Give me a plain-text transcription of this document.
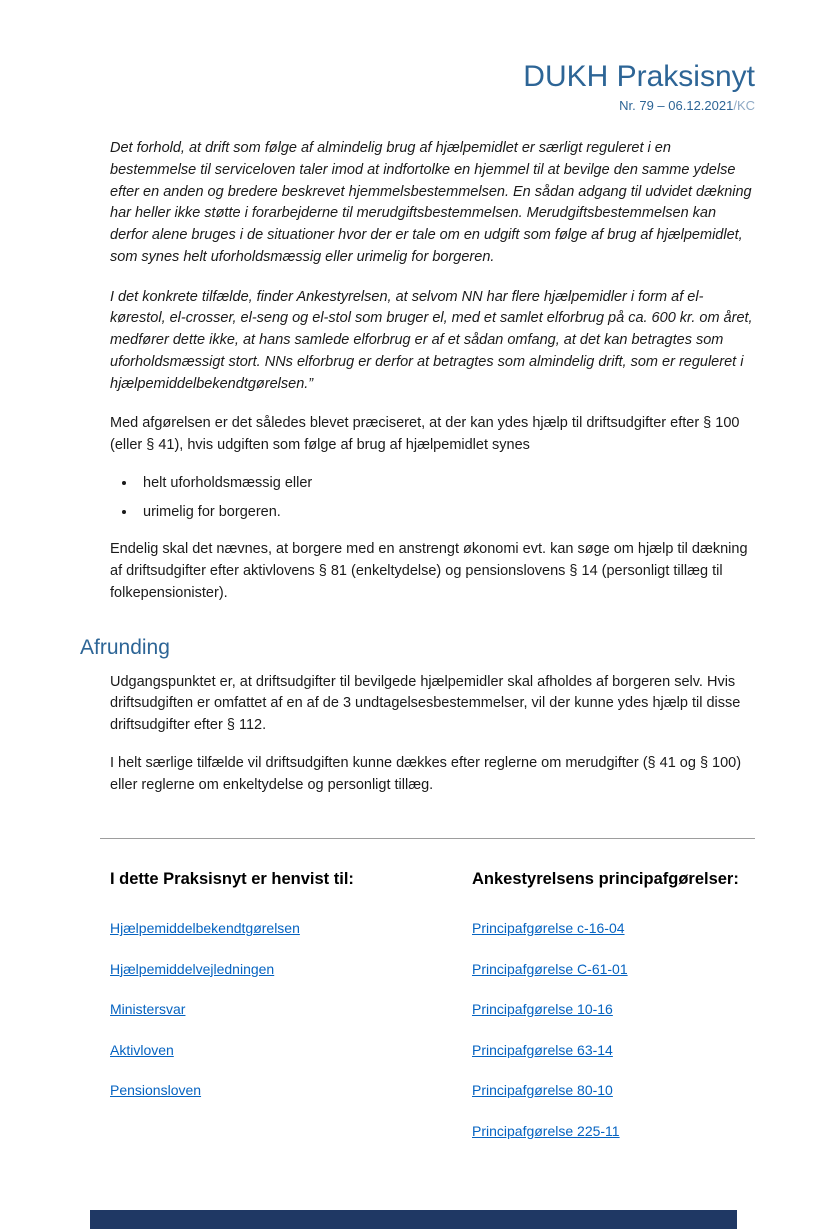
DUKH Praksisnyt
Nr. 79 – 06.12.2021/KC

Det forhold, at drift som følge af almindelig brug af hjælpemidlet er særligt reguleret i en bestemmelse til serviceloven taler imod at indfortolke en hjemmel til at bevilge den samme ydelse efter en anden og bredere beskrevet hjemmelsbestemmelsen. En sådan adgang til udvidet dækning har heller ikke støtte i forarbejderne til merudgiftsbestemmelsen. Merudgiftsbestemmelsen kan derfor alene bruges i de situationer hvor der er tale om en udgift som følge af brug af hjælpemidlet, som synes helt uforholdsmæssig eller urimelig for borgeren.

I det konkrete tilfælde, finder Ankestyrelsen, at selvom NN har flere hjælpemidler i form af el-kørestol, el-crosser, el-seng og el-stol som bruger el, med et samlet elforbrug på ca. 600 kr. om året, medfører dette ikke, at hans samlede elforbrug er af et sådan omfang, at det kan betragtes som uforholdsmæssigt stort. NNs elforbrug er derfor at betragtes som almindelig drift, som er reguleret i hjælpemiddelbekendtgørelsen.”

Med afgørelsen er det således blevet præciseret, at der kan ydes hjælp til driftsudgifter efter § 100 (eller § 41), hvis udgiften som følge af brug af hjælpemidlet synes

• helt uforholdsmæssig eller
• urimelig for borgeren.

Endelig skal det nævnes, at borgere med en anstrengt økonomi evt. kan søge om hjælp til dækning af driftsudgifter efter aktivlovens § 81 (enkeltydelse) og pensionslovens § 14 (personligt tillæg til folkepensionister).

Afrunding

Udgangspunktet er, at driftsudgifter til bevilgede hjælpemidler skal afholdes af borgeren selv. Hvis driftsudgiften er omfattet af en af de 3 undtagelsesbestemmelser, vil der kunne ydes hjælp til disse driftsudgifter efter § 112.

I helt særlige tilfælde vil driftsudgiften kunne dækkes efter reglerne om merudgifter (§ 41 og § 100) eller reglerne om enkeltydelse og personligt tillæg.

I dette Praksisnyt er henvist til:
Hjælpemiddelbekendtgørelsen
Hjælpemiddelvejledningen
Ministersvar
Aktivloven
Pensionsloven
Ankestyrelsens principafgørelser:
Principafgørelse c-16-04
Principafgørelse C-61-01
Principafgørelse 10-16
Principafgørelse 63-14
Principafgørelse 80-10
Principafgørelse 225-11
